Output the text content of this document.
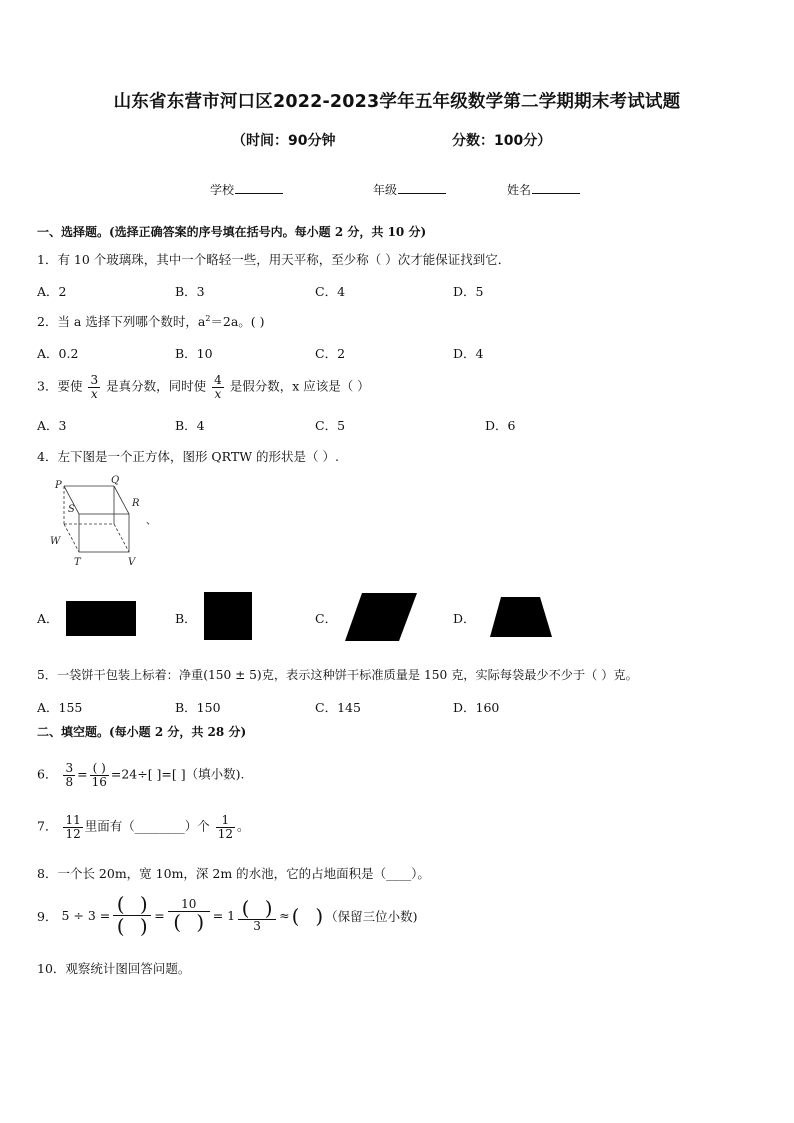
山东省东营市河口区2022-2023学年五年级数学第二学期期末考试试题
（时间：90分钟	分数：100分）
学校	年级	姓名
一、选择题。(选择正确答案的序号填在括号内。每小题 2 分，共 10 分)
1．有 10 个玻璃珠，其中一个略轻一些，用天平称，至少称（ ）次才能保证找到它．
A．2	B．3	C．4	D．5
2．当 a 选择下列哪个数时，$a^2=2a$。( )
A．0.2	B．10	C．2	D．4
3．要使 $\frac{3}{x}$ 是真分数，同时使 $\frac{4}{x}$ 是假分数，x 应该是（ ）
A．3	B．4	C．5	D．6
4．左下图是一个正方体，图形 QRTW 的形状是（ ）.
P	Q
S
R
W
T	V
、
A．	B．	C．	D．
5．一袋饼干包装上标着：净重(150 ± 5)克，表示这种饼干标准质量是 150 克，实际每袋最少不少于（ ）克。
A．155	B．150	C．145	D．160
二、填空题。(每小题 2 分，共 28 分)
6． $\frac{3}{8} = \frac{( )}{16} =24\div$[ ]=[ ]（填小数).
7． $\frac{11}{12}$ 里面有（________）个 $\frac{1}{12}$ 。
8．一个长 20m，宽 10m，深 2m 的水池，它的占地面积是（____）。
9． $5 \div 3 = \frac{( )}{( )} = \frac{10}{( )} = 1 \frac{( )}{3}$ ≈ ( ) （保留三位小数)
10．观察统计图回答问题。
